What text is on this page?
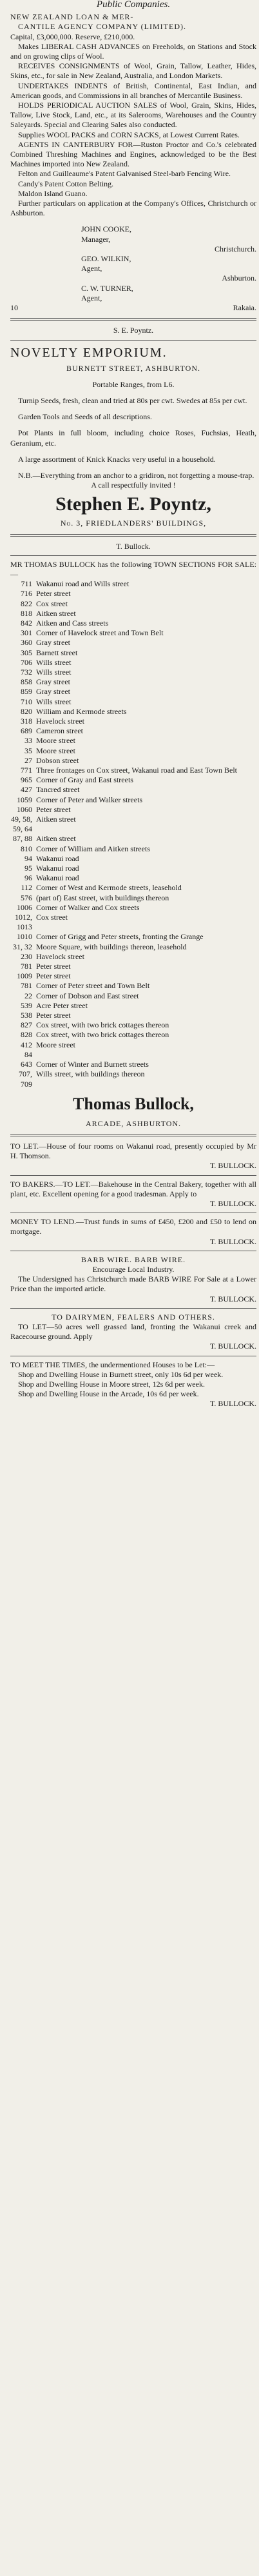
Public Companies.

NEW ZEALAND LOAN & MER-

CANTILE AGENCY COMPANY (LIMITED).

Capital, £3,000,000. Reserve, £210,000.

Makes LIBERAL CASH ADVANCES on Freeholds, on Stations and Stock and on growing clips of Wool.

RECEIVES CONSIGNMENTS of Wool, Grain, Tallow, Leather, Hides, Skins, etc., for sale in New Zealand, Australia, and London Markets.

UNDERTAKES INDENTS of British, Continental, East Indian, and American goods, and Commissions in all branches of Mercantile Business.

HOLDS PERIODICAL AUCTION SALES of Wool, Grain, Skins, Hides, Tallow, Live Stock, Land, etc., at its Salerooms, Warehouses and the Country Saleyards. Special and Clearing Sales also conducted.

Supplies WOOL PACKS and CORN SACKS, at Lowest Current Rates.

AGENTS IN CANTERBURY FOR—Ruston Proctor and Co.'s celebrated Combined Threshing Machines and Engines, acknowledged to be the Best Machines imported into New Zealand.

Felton and Guilleaume's Patent Galvanised Steel-barb Fencing Wire.

Candy's Patent Cotton Belting.

Maldon Island Guano.

Further particulars on application at the Company's Offices, Christchurch or Ashburton.

JOHN COOKE,

Manager,

Christchurch.

GEO. WILKIN,

Agent,

Ashburton.

C. W. TURNER,

Agent,

10	Rakaia.

S. E. Poyntz.

NOVELTY EMPORIUM.

BURNETT STREET, ASHBURTON.

Portable Ranges, from L6.

Turnip Seeds, fresh, clean and tried at 80s per cwt. Swedes at 85s per cwt.

Garden Tools and Seeds of all descriptions.

Pot Plants in full bloom, including choice Roses, Fuchsias, Heath, Geranium, etc.

A large assortment of Knick Knacks very useful in a household.

N.B.—Everything from an anchor to a gridiron, not forgetting a mouse-trap.

A call respectfully invited !

Stephen E. Poyntz,

No. 3, FRIEDLANDERS' BUILDINGS,

T. Bullock.

MR THOMAS BULLOCK has the following TOWN SECTIONS FOR SALE:—

711 Wakanui road and Wills street
716 Peter street
822 Cox street
818 Aitken street
842 Aitken and Cass streets
301 Corner of Havelock street and Town Belt
360 Gray street
305 Barnett street
706 Wills street
732 Wills street
858 Gray street
859 Gray street
710 Wills street
820 William and Kermode streets
318 Havelock street
689 Cameron street
33 Moore street
35 Moore street
27 Dobson street
771 Three frontages on Cox street, Wakanui road and East Town Belt
965 Corner of Gray and East streets
427 Tancred street
1059 Corner of Peter and Walker streets
1060 Peter street
49, 58, 59, 64
Aitken street
87, 88 Aitken street
810 Corner of William and Aitken streets
94 Wakanui road
95 Wakanui road
96 Wakanui road
112 Corner of West and Kermode streets, leasehold
576 (part of) East street, with buildings thereon
1006 Corner of Walker and Cox streets
1012, 1013
Cox street
1010 Corner of Grigg and Peter streets, fronting the Grange
31, 32 Moore Square, with buildings thereon, leasehold
230 Havelock street
781 Peter street
1009 Peter street
781 Corner of Peter street and Town Belt
22 Corner of Dobson and East street
539 Acre Peter street
538 Peter street
827 Cox street, with two brick cottages thereon
828 Cox street, with two brick cottages thereon
412 Moore street
84
643 Corner of Winter and Burnett streets
707, 709
Wills street, with buildings thereon
Thomas Bullock,

ARCADE, ASHBURTON.

TO LET.—House of four rooms on Wakanui road, presently occupied by Mr H. Thomson.

T. BULLOCK.

TO BAKERS.—TO LET.—Bakehouse in the Central Bakery, together with all plant, etc. Excellent opening for a good tradesman. Apply to

T. BULLOCK.

MONEY TO LEND.—Trust funds in sums of £450, £200 and £50 to lend on mortgage.

T. BULLOCK.

BARB WIRE. BARB WIRE.

Encourage Local Industry.

The Undersigned has Christchurch made BARB WIRE For Sale at a Lower Price than the imported article.

T. BULLOCK.

TO DAIRYMEN, FEALERS AND OTHERS.

TO LET—50 acres well grassed land, fronting the Wakanui creek and Racecourse ground. Apply

T. BULLOCK.

TO MEET THE TIMES, the undermentioned Houses to be Let:—

Shop and Dwelling House in Burnett street, only 10s 6d per week.

Shop and Dwelling House in Moore street, 12s 6d per week.

Shop and Dwelling House in the Arcade, 10s 6d per week.

T. BULLOCK.
